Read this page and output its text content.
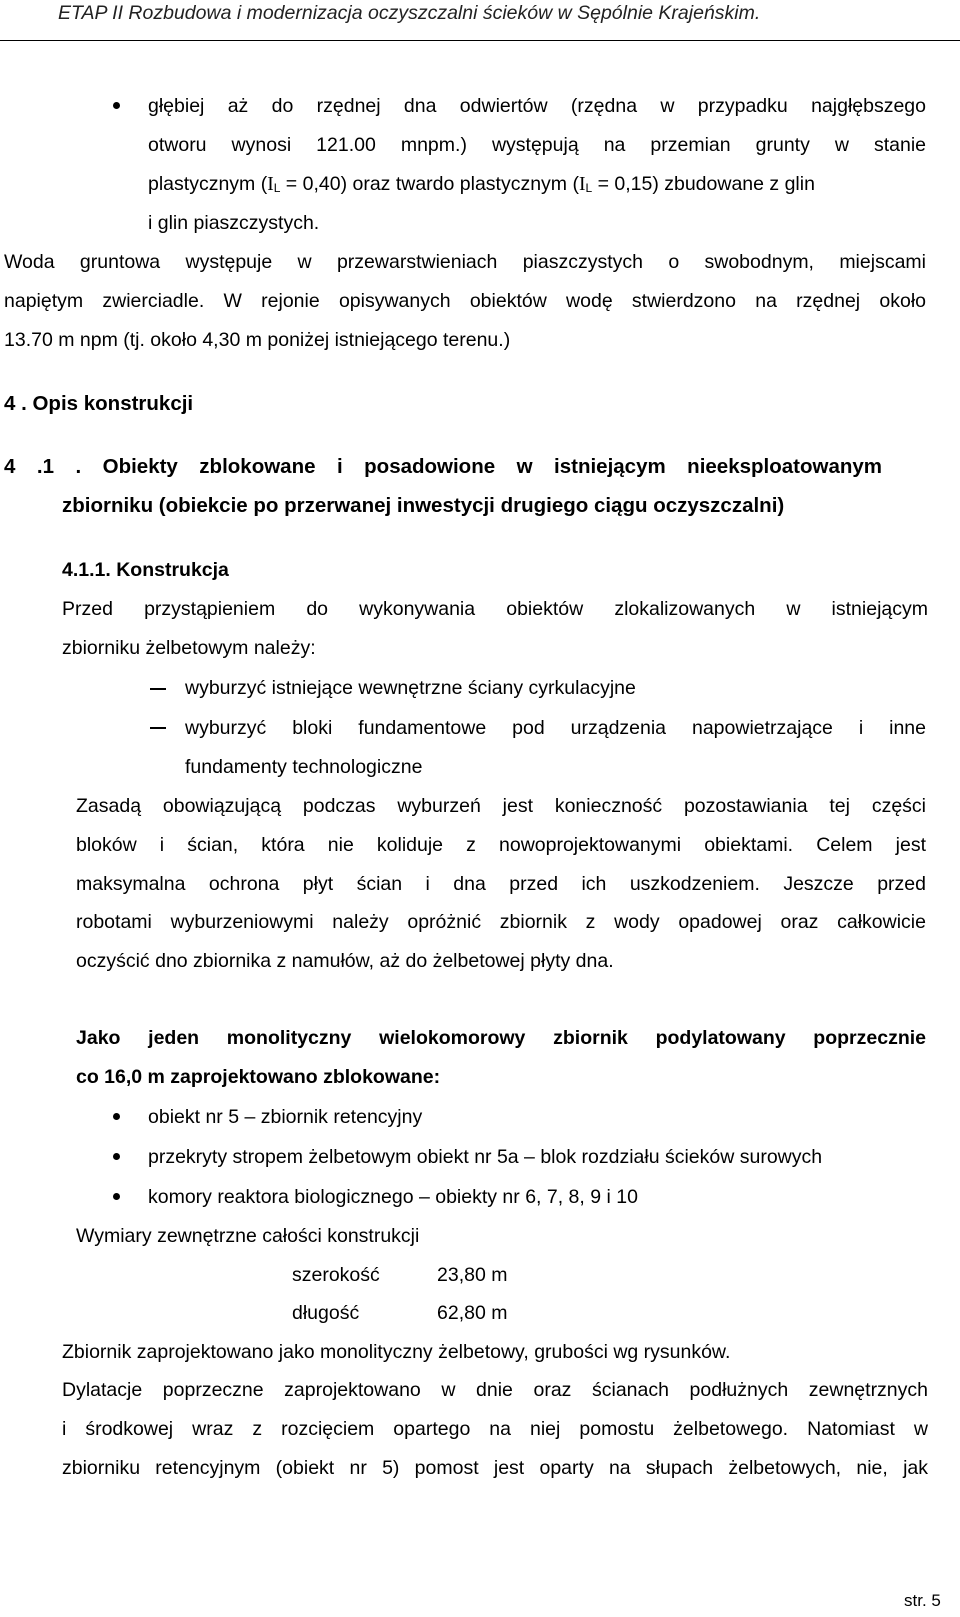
ETAP II Rozbudowa i modernizacja oczyszczalni ścieków w Sępólnie Krajeńskim.
głębiej aż do rzędnej dna odwiertów (rzędna w przypadku najgłębszego
otworu wynosi 121.00 mnpm.) występują na przemian grunty w stanie
plastycznym (IL = 0,40) oraz twardo plastycznym (IL = 0,15) zbudowane z glin
i glin piaszczystych.
Woda gruntowa występuje w przewarstwieniach piaszczystych o swobodnym, miejscami
napiętym zwierciadle. W rejonie opisywanych obiektów wodę stwierdzono na rzędnej około
13.70 m npm (tj. około 4,30 m poniżej istniejącego terenu.)
4 . Opis konstrukcji
4 .1 . Obiekty zblokowane i posadowione w istniejącym nieeksploatowanym
zbiorniku (obiekcie po przerwanej inwestycji drugiego ciągu oczyszczalni)
4.1.1. Konstrukcja
Przed przystąpieniem do wykonywania obiektów zlokalizowanych w istniejącym
zbiorniku żelbetowym należy:
wyburzyć istniejące wewnętrzne ściany cyrkulacyjne
wyburzyć bloki fundamentowe pod urządzenia napowietrzające i inne
fundamenty technologiczne
Zasadą obowiązującą podczas wyburzeń jest konieczność pozostawiania tej części
bloków i ścian, która nie koliduje z nowoprojektowanymi obiektami. Celem jest
maksymalna ochrona płyt ścian i dna przed ich uszkodzeniem. Jeszcze przed
robotami wyburzeniowymi należy opróżnić zbiornik z wody opadowej oraz całkowicie
oczyścić dno zbiornika z namułów, aż do żelbetowej płyty dna.
Jako jeden monolityczny wielokomorowy zbiornik podylatowany poprzecznie
co 16,0 m zaprojektowano zblokowane:
obiekt nr 5 – zbiornik retencyjny
przekryty stropem żelbetowym obiekt nr 5a – blok rozdziału ścieków surowych
komory reaktora biologicznego – obiekty nr 6, 7, 8, 9 i 10
Wymiary zewnętrzne całości konstrukcji
szerokość	23,80 m
długość	62,80 m
Zbiornik zaprojektowano jako monolityczny żelbetowy, grubości wg rysunków.
Dylatacje poprzeczne zaprojektowano w dnie oraz ścianach podłużnych zewnętrznych
i środkowej wraz z rozcięciem opartego na niej pomostu żelbetowego. Natomiast w
zbiorniku retencyjnym (obiekt nr 5) pomost jest oparty na słupach żelbetowych, nie, jak
str. 5
